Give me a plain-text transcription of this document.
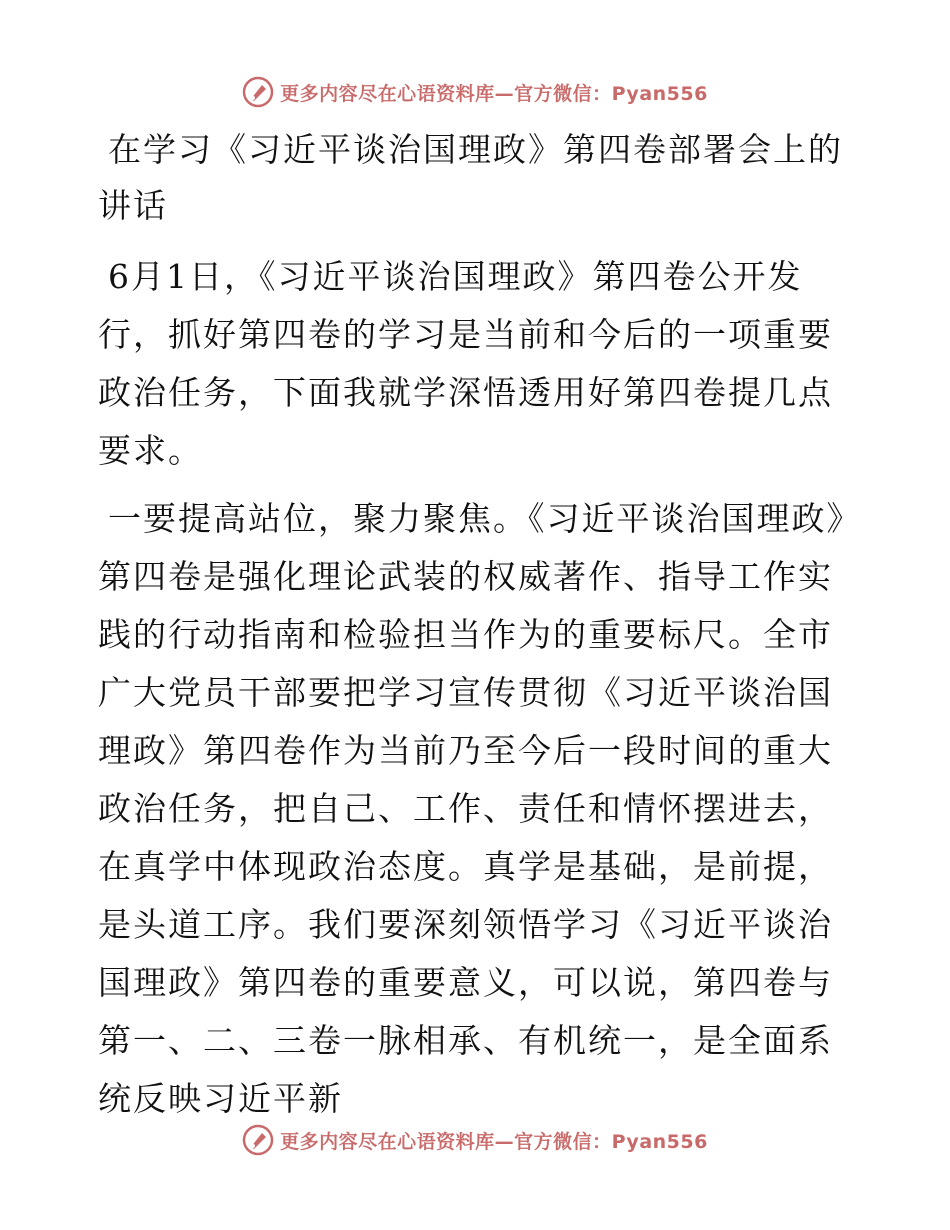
更多内容尽在心语资料库—官方微信：Pyan556
在学习《习近平谈治国理政》第四卷部署会上的讲话

6月1日，《习近平谈治国理政》第四卷公开发行，抓好第四卷的学习是当前和今后的一项重要政治任务，下面我就学深悟透用好第四卷提几点要求。

一要提高站位，聚力聚焦。《习近平谈治国理政》第四卷是强化理论武装的权威著作、指导工作实践的行动指南和检验担当作为的重要标尺。全市广大党员干部要把学习宣传贯彻《习近平谈治国理政》第四卷作为当前乃至今后一段时间的重大政治任务，把自己、工作、责任和情怀摆进去，在真学中体现政治态度。真学是基础，是前提，是头道工序。我们要深刻领悟学习《习近平谈治国理政》第四卷的重要意义，可以说，第四卷与第一、二、三卷一脉相承、有机统一，是全面系统反映习近平新

更多内容尽在心语资料库—官方微信：Pyan556
